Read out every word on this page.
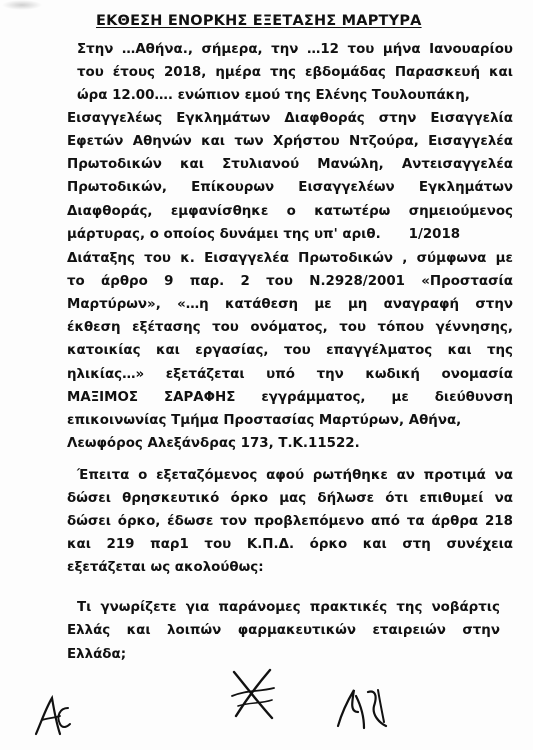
ΕΚΘΕΣΗ ΕΝΟΡΚΗΣ ΕΞΕΤΑΣΗΣ ΜΑΡΤΥΡΑ
Στην …Αθήνα., σήμερα, την …12 του μήνα Ιανουαρίου
του έτους 2018, ημέρα της εβδομάδας Παρασκευή και
ώρα 12.00…. ενώπιον εμού της Ελένης Τουλουπάκη,
Εισαγγελέως Εγκλημάτων Διαφθοράς στην Εισαγγελία
Εφετών Αθηνών και των Χρήστου Ντζούρα, Εισαγγελέα
Πρωτοδικών και Στυλιανού Μανώλη, Αντεισαγγελέα
Πρωτοδικών, Επίκουρων Εισαγγελέων Εγκλημάτων
Διαφθοράς, εμφανίσθηκε ο κατωτέρω σημειούμενος
μάρτυρας, ο οποίος δυνάμει της υπ' αριθ.      1/2018
Διάταξης του κ. Εισαγγελέα Πρωτοδικών , σύμφωνα με
το άρθρο 9 παρ. 2 του Ν.2928/2001 «Προστασία
Μαρτύρων», «…η κατάθεση με μη αναγραφή στην
έκθεση εξέτασης του ονόματος, του τόπου γέννησης,
κατοικίας και εργασίας, του επαγγέλματος και της
ηλικίας…» εξετάζεται υπό την κωδική ονομασία
ΜΑΞΙΜΟΣ ΣΑΡΑΦΗΣ εγγράμματος, με διεύθυνση
επικοινωνίας Τμήμα Προστασίας Μαρτύρων, Αθήνα,
Λεωφόρος Αλεξάνδρας 173, Τ.Κ.11522.
Έπειτα ο εξεταζόμενος αφού ρωτήθηκε αν προτιμά να
δώσει θρησκευτικό όρκο μας δήλωσε ότι επιθυμεί να
δώσει όρκο, έδωσε τον προβλεπόμενο από τα άρθρα 218
και 219 παρ1 του Κ.Π.Δ. όρκο και στη συνέχεια
εξετάζεται ως ακολούθως:
Τι γνωρίζετε για παράνομες πρακτικές της νοβάρτις
Ελλάς και λοιπών φαρμακευτικών εταιρειών στην
Ελλάδα;
